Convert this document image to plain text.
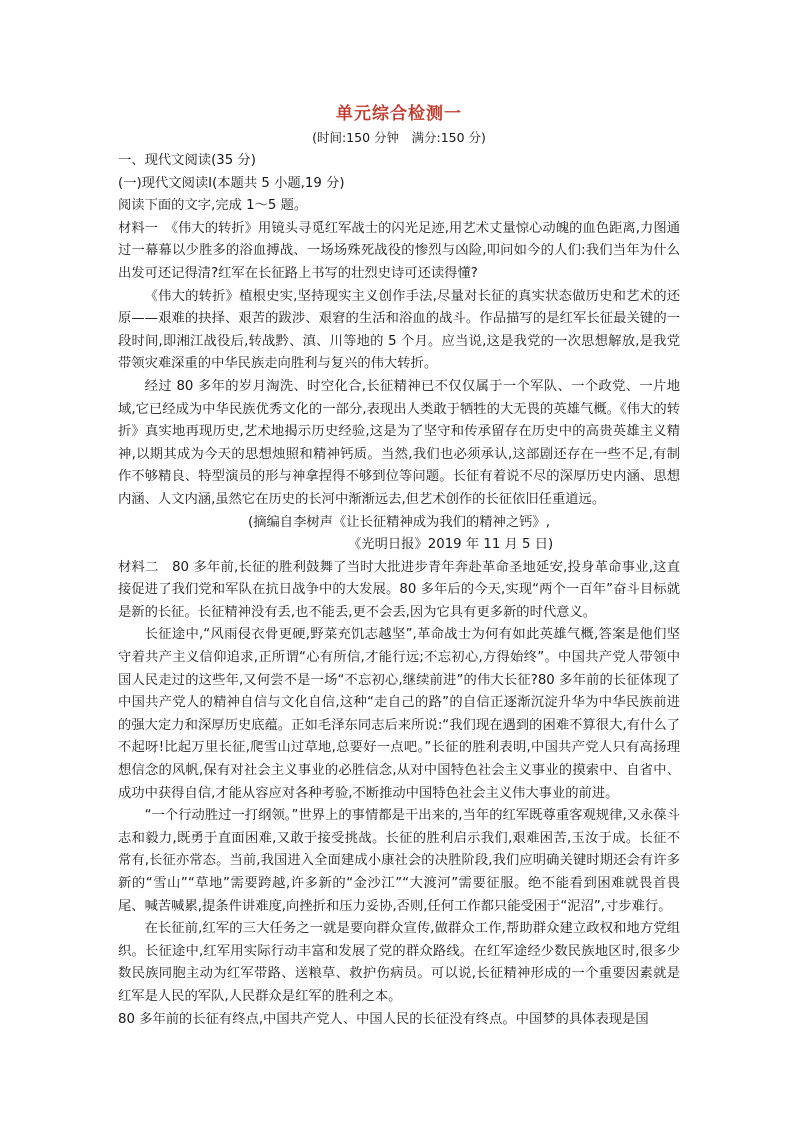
单元综合检测一
(时间:150 分钟　满分:150 分)

一、现代文阅读(35 分)

(一)现代文阅读Ⅰ(本题共 5 小题,19 分)

阅读下面的文字,完成 1～5 题。

材料一　《伟大的转折》用镜头寻觅红军战士的闪光足迹,用艺术丈量惊心动魄的血色距离,力图通过一幕幕以少胜多的浴血搏战、一场场殊死战役的惨烈与凶险,叩问如今的人们:我们当年为什么出发可还记得清?红军在长征路上书写的壮烈史诗可还读得懂?

《伟大的转折》植根史实,坚持现实主义创作手法,尽量对长征的真实状态做历史和艺术的还原——艰难的抉择、艰苦的跋涉、艰窘的生活和浴血的战斗。作品描写的是红军长征最关键的一段时间,即湘江战役后,转战黔、滇、川等地的 5 个月。应当说,这是我党的一次思想解放,是我党带领灾难深重的中华民族走向胜利与复兴的伟大转折。

经过 80 多年的岁月淘洗、时空化合,长征精神已不仅仅属于一个军队、一个政党、一片地域,它已经成为中华民族优秀文化的一部分,表现出人类敢于牺牲的大无畏的英雄气概。《伟大的转折》真实地再现历史,艺术地揭示历史经验,这是为了坚守和传承留存在历史中的高贵英雄主义精神,以期其成为今天的思想烛照和精神钙质。当然,我们也必须承认,这部剧还存在一些不足,有制作不够精良、特型演员的形与神拿捏得不够到位等问题。长征有着说不尽的深厚历史内涵、思想内涵、人文内涵,虽然它在历史的长河中渐渐远去,但艺术创作的长征依旧任重道远。

(摘编自李树声《让长征精神成为我们的精神之钙》,

《光明日报》2019 年 11 月 5 日)

材料二　80 多年前,长征的胜利鼓舞了当时大批进步青年奔赴革命圣地延安,投身革命事业,这直接促进了我们党和军队在抗日战争中的大发展。80 多年后的今天,实现“两个一百年”奋斗目标就是新的长征。长征精神没有丢,也不能丢,更不会丢,因为它具有更多新的时代意义。

长征途中,“风雨侵衣骨更硬,野菜充饥志越坚”,革命战士为何有如此英雄气概,答案是他们坚守着共产主义信仰追求,正所谓“心有所信,才能行远;不忘初心,方得始终”。中国共产党人带领中国人民走过的这些年,又何尝不是一场“不忘初心,继续前进”的伟大长征?80 多年前的长征体现了中国共产党人的精神自信与文化自信,这种“走自己的路”的自信正逐渐沉淀升华为中华民族前进的强大定力和深厚历史底蕴。正如毛泽东同志后来所说:“我们现在遇到的困难不算很大,有什么了不起呀!比起万里长征,爬雪山过草地,总要好一点吧。”长征的胜利表明,中国共产党人只有高扬理想信念的风帆,保有对社会主义事业的必胜信念,从对中国特色社会主义事业的摸索中、自省中、成功中获得自信,才能从容应对各种考验,不断推动中国特色社会主义伟大事业的前进。

“一个行动胜过一打纲领。”世界上的事情都是干出来的,当年的红军既尊重客观规律,又永葆斗志和毅力,既勇于直面困难,又敢于接受挑战。长征的胜利启示我们,艰难困苦,玉汝于成。长征不常有,长征亦常态。当前,我国进入全面建成小康社会的决胜阶段,我们应明确关键时期还会有许多新的“雪山”“草地”需要跨越,许多新的“金沙江”“大渡河”需要征服。绝不能看到困难就畏首畏尾、喊苦喊累,提条件讲难度,向挫折和压力妥协,否则,任何工作都只能受困于“泥沼”,寸步难行。

在长征前,红军的三大任务之一就是要向群众宣传,做群众工作,帮助群众建立政权和地方党组织。长征途中,红军用实际行动丰富和发展了党的群众路线。在红军途经少数民族地区时,很多少数民族同胞主动为红军带路、送粮草、救护伤病员。可以说,长征精神形成的一个重要因素就是红军是人民的军队,人民群众是红军的胜利之本。

80 多年前的长征有终点,中国共产党人、中国人民的长征没有终点。中国梦的具体表现是国
